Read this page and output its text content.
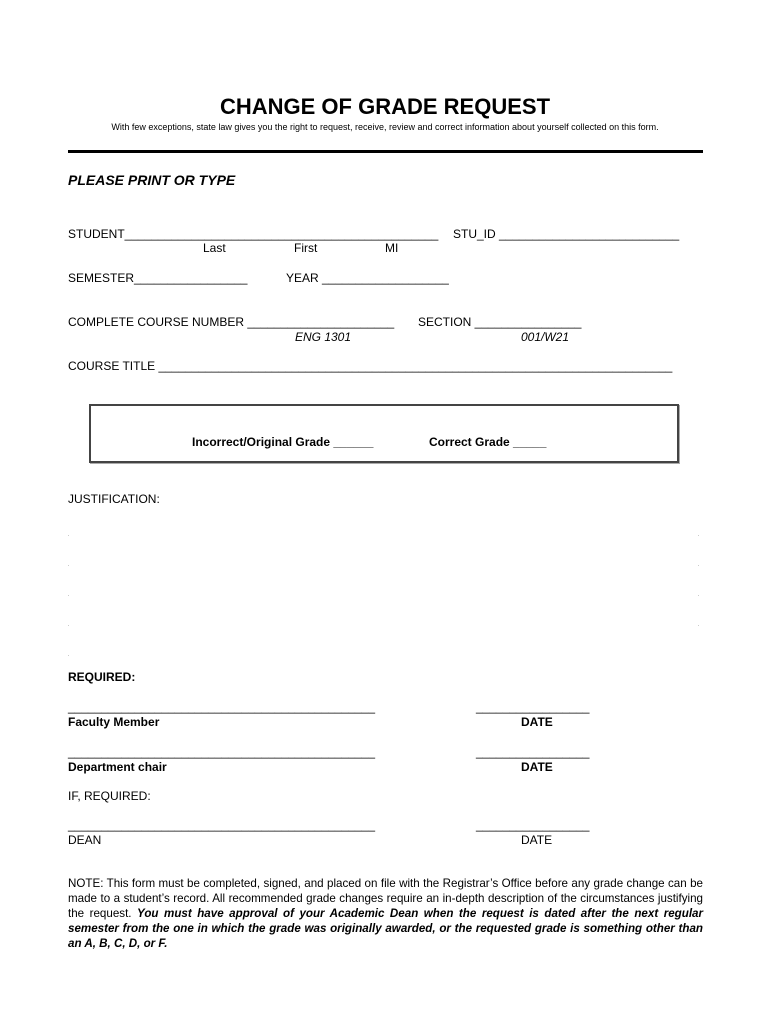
CHANGE OF GRADE REQUEST
With few exceptions, state law gives you the right to request, receive, review and correct information about yourself collected on this form.
PLEASE PRINT OR TYPE
STUDENT_______________________________________________ STU_ID ___________________________
Last	First	MI
SEMESTER_________________	YEAR ___________________
COMPLETE COURSE NUMBER ______________________ SECTION ________________
ENG 1301	001/W21
COURSE TITLE _____________________________________________________________________________
Incorrect/Original Grade ______	Correct Grade _____
JUSTIFICATION:
REQUIRED:
______________________________________________	_________________
Faculty Member	DATE
______________________________________________	_________________
Department chair	DATE
IF, REQUIRED:
______________________________________________	_________________
DEAN	DATE
NOTE: This form must be completed, signed, and placed on file with the Registrar’s Office before any grade change can be made to a student’s record. All recommended grade changes require an in-depth description of the circumstances justifying the request. You must have approval of your Academic Dean when the request is dated after the next regular semester from the one in which the grade was originally awarded, or the requested grade is something other than an A, B, C, D, or F.
